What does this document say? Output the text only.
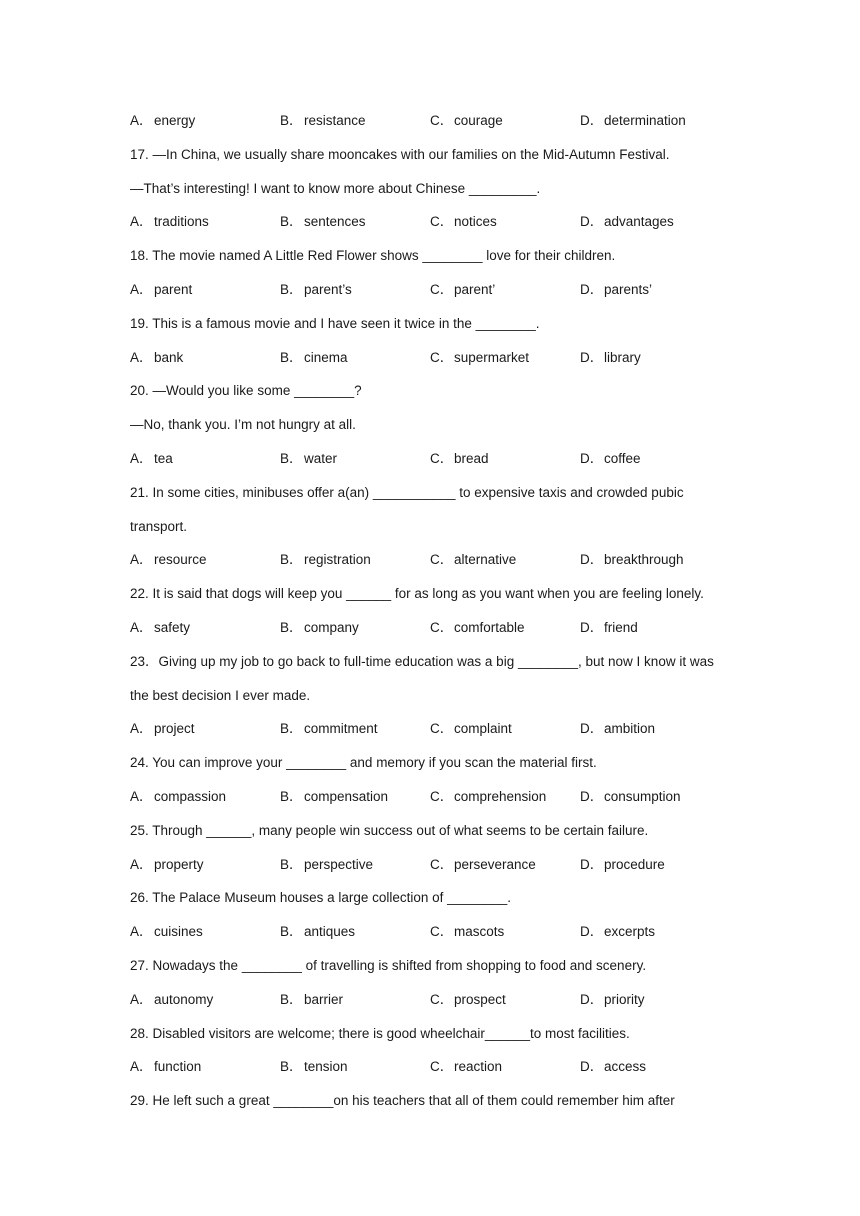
A．energy	B．resistance	C．courage	D．determination
17. —In China, we usually share mooncakes with our families on the Mid-Autumn Festival.
—That’s interesting! I want to know more about Chinese _________.
A．traditions	B．sentences	C．notices	D．advantages
18. The movie named A Little Red Flower shows ________ love for their children.
A．parent	B．parent’s	C．parent’	D．parents’
19. This is a famous movie and I have seen it twice in the ________.
A．bank	B．cinema	C．supermarket	D．library
20. —Would you like some ________?
—No, thank you. I’m not hungry at all.
A．tea	B．water	C．bread	D．coffee
21. In some cities, minibuses offer a(an) ___________ to expensive taxis and crowded pubic
transport.
A．resource	B．registration	C．alternative	D．breakthrough
22. It is said that dogs will keep you ______ for as long as you want when you are feeling lonely.
A．safety	B．company	C．comfortable	D．friend
23．Giving up my job to go back to full-time education was a big ________, but now I know it was
the best decision I ever made.
A．project	B．commitment	C．complaint	D．ambition
24. You can improve your ________ and memory if you scan the material first.
A．compassion	B．compensation	C．comprehension D．consumption
25. Through ______, many people win success out of what seems to be certain failure.
A．property	B．perspective	C．perseverance	D．procedure
26. The Palace Museum houses a large collection of ________.
A．cuisines	B．antiques	C．mascots	D．excerpts
27. Nowadays the ________ of travelling is shifted from shopping to food and scenery.
A．autonomy	B．barrier	C．prospect	D．priority
28. Disabled visitors are welcome; there is good wheelchair______to most facilities.
A．function	B．tension	C．reaction	D．access
29. He left such a great ________on his teachers that all of them could remember him after
